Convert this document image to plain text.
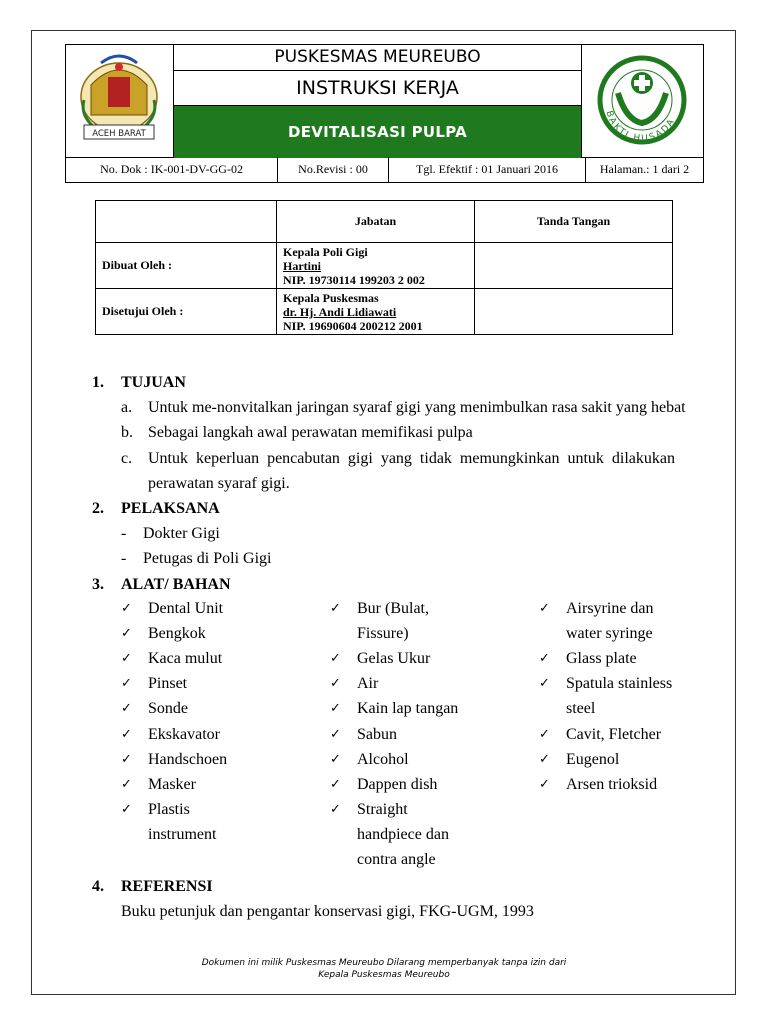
ACEH BARAT
PUSKESMAS MEUREUBO
INSTRUKSI KERJA
DEVITALISASI PULPA
BAKTI HUSADA
No. Dok : IK-001-DV-GG-02	No.Revisi : 00	Tgl. Efektif : 01 Januari 2016	Halaman.: 1 dari 2
	Jabatan	Tanda Tangan
Dibuat Oleh :	Kepala Poli Gigi
Hartini
NIP. 19730114 199203 2 002	

Disetujui Oleh :	Kepala Puskesmas
dr. Hj. Andi Lidiawati
NIP. 19690604 200212 2001	

1. TUJUAN
a. Untuk me-nonvitalkan jaringan syaraf gigi yang menimbulkan rasa sakit yang hebat
b. Sebagai langkah awal perawatan memifikasi pulpa
c. Untuk keperluan pencabutan gigi yang tidak memungkinkan untuk dilakukan
perawatan syaraf gigi.
2. PELAKSANA
- Dokter Gigi
- Petugas di Poli Gigi
3. ALAT/ BAHAN
✓ Dental Unit
✓ Bengkok
✓ Kaca mulut
✓ Pinset
✓ Sonde
✓ Ekskavator
✓ Handschoen
✓ Masker
✓ Plastis
instrument
✓ Bur (Bulat,
Fissure)
✓ Gelas Ukur
✓ Air
✓ Kain lap tangan
✓ Sabun
✓ Alcohol
✓ Dappen dish
✓ Straight
handpiece dan
contra angle
✓ Airsyrine dan
water syringe
✓ Glass plate
✓ Spatula stainless
steel
✓ Cavit, Fletcher
✓ Eugenol
✓ Arsen trioksid
4. REFERENSI
Buku petunjuk dan pengantar konservasi gigi, FKG-UGM, 1993
Dokumen ini milik Puskesmas Meureubo Dilarang memperbanyak tanpa izin dari
Kepala Puskesmas Meureubo
